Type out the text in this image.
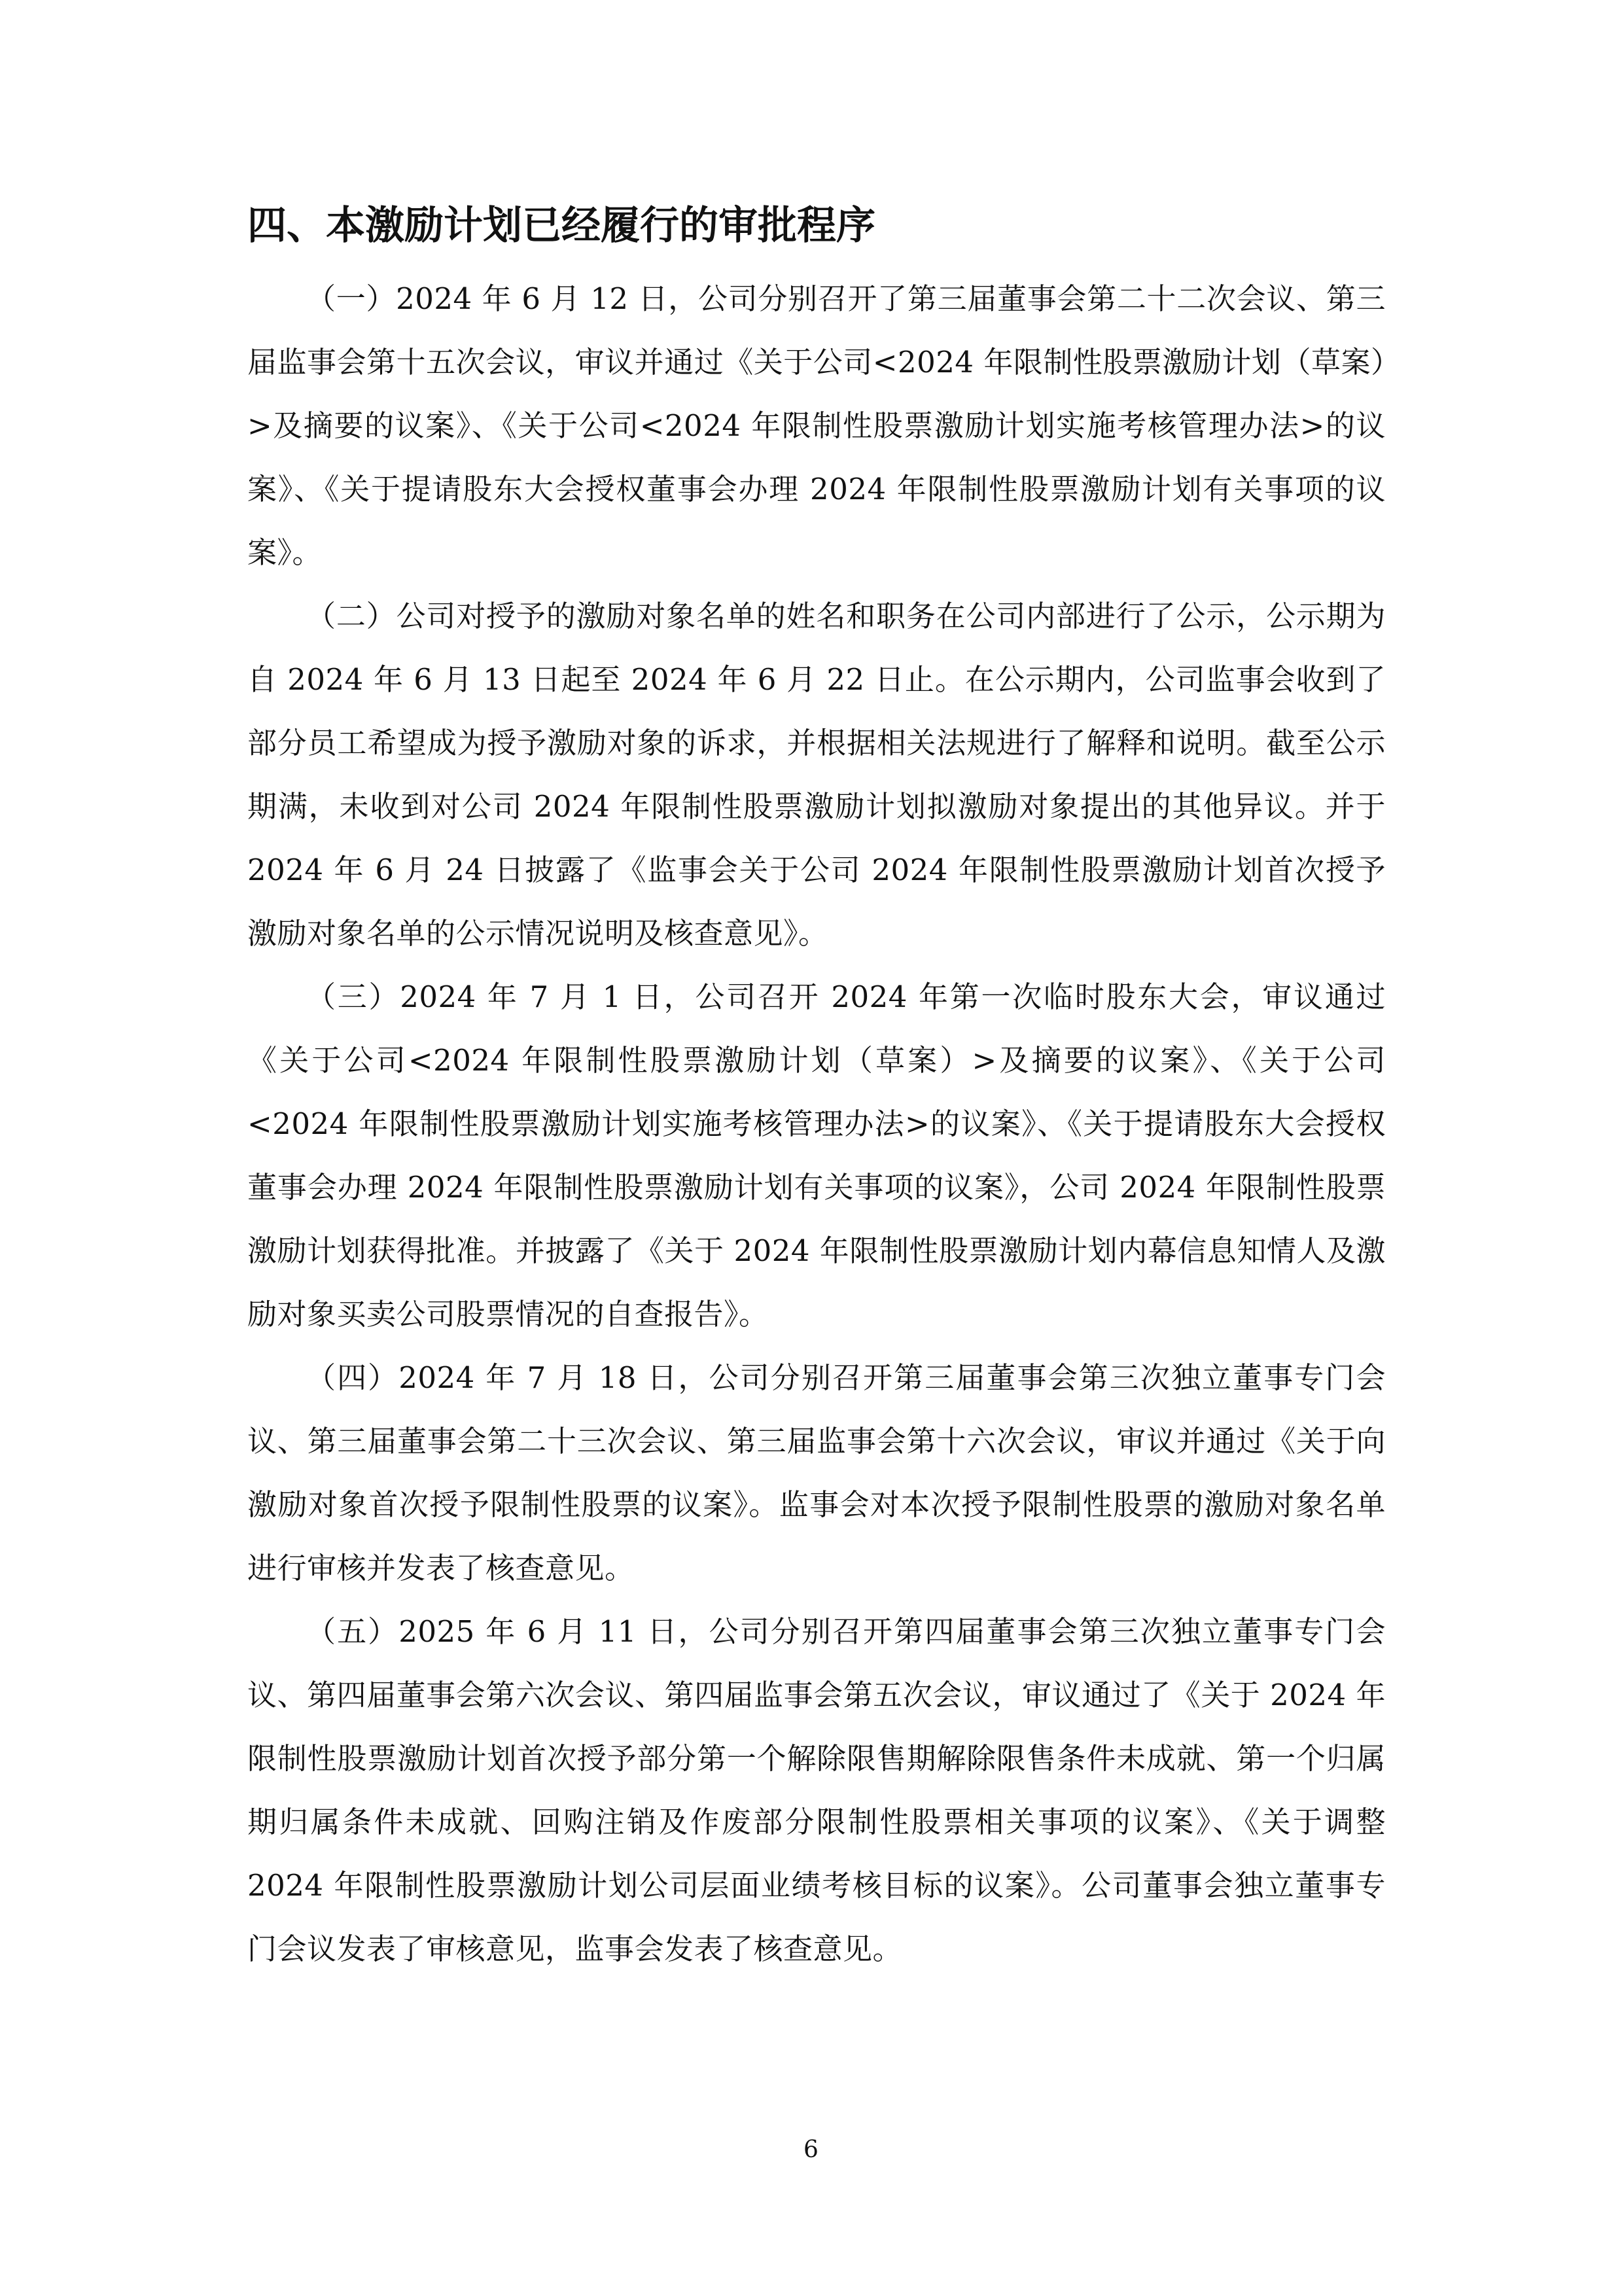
四、本激励计划已经履行的审批程序

（一）2024 年 6 月 12 日，公司分别召开了第三届董事会第二十二次会议、第三届监事会第十五次会议，审议并通过《关于公司<2024 年限制性股票激励计划（草案）>及摘要的议案》、《关于公司<2024 年限制性股票激励计划实施考核管理办法>的议案》、《关于提请股东大会授权董事会办理 2024 年限制性股票激励计划有关事项的议案》。

（二）公司对授予的激励对象名单的姓名和职务在公司内部进行了公示，公示期为自 2024 年 6 月 13 日起至 2024 年 6 月 22 日止。在公示期内，公司监事会收到了部分员工希望成为授予激励对象的诉求，并根据相关法规进行了解释和说明。截至公示期满，未收到对公司 2024 年限制性股票激励计划拟激励对象提出的其他异议。并于 2024 年 6 月 24 日披露了《监事会关于公司 2024 年限制性股票激励计划首次授予激励对象名单的公示情况说明及核查意见》。

（三）2024 年 7 月 1 日，公司召开 2024 年第一次临时股东大会，审议通过《关于公司<2024 年限制性股票激励计划（草案）>及摘要的议案》、《关于公司<2024 年限制性股票激励计划实施考核管理办法>的议案》、《关于提请股东大会授权董事会办理 2024 年限制性股票激励计划有关事项的议案》，公司 2024 年限制性股票激励计划获得批准。并披露了《关于 2024 年限制性股票激励计划内幕信息知情人及激励对象买卖公司股票情况的自查报告》。

（四）2024 年 7 月 18 日，公司分别召开第三届董事会第三次独立董事专门会议、第三届董事会第二十三次会议、第三届监事会第十六次会议，审议并通过《关于向激励对象首次授予限制性股票的议案》。监事会对本次授予限制性股票的激励对象名单进行审核并发表了核查意见。

（五）2025 年 6 月 11 日，公司分别召开第四届董事会第三次独立董事专门会议、第四届董事会第六次会议、第四届监事会第五次会议，审议通过了《关于 2024 年限制性股票激励计划首次授予部分第一个解除限售期解除限售条件未成就、第一个归属期归属条件未成就、回购注销及作废部分限制性股票相关事项的议案》、《关于调整 2024 年限制性股票激励计划公司层面业绩考核目标的议案》。公司董事会独立董事专门会议发表了审核意见，监事会发表了核查意见。

6
